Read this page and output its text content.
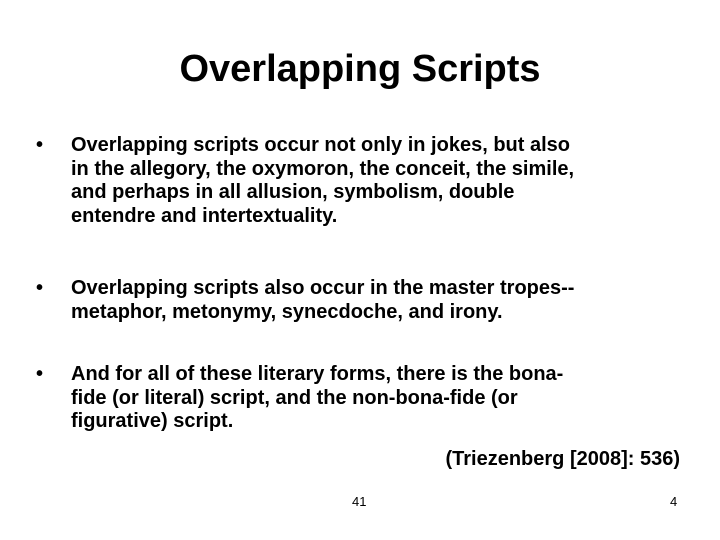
Overlapping Scripts
•	Overlapping scripts occur not only in jokes, but also
in the allegory, the oxymoron, the conceit, the simile,
and perhaps in all allusion, symbolism, double
entendre and intertextuality.
•	Overlapping scripts also occur in the master tropes--
metaphor, metonymy, synecdoche, and irony.
•	And for all of these literary forms, there is the bona-
fide (or literal) script, and the non-bona-fide (or
figurative) script.
(Triezenberg [2008]: 536)
41	4
